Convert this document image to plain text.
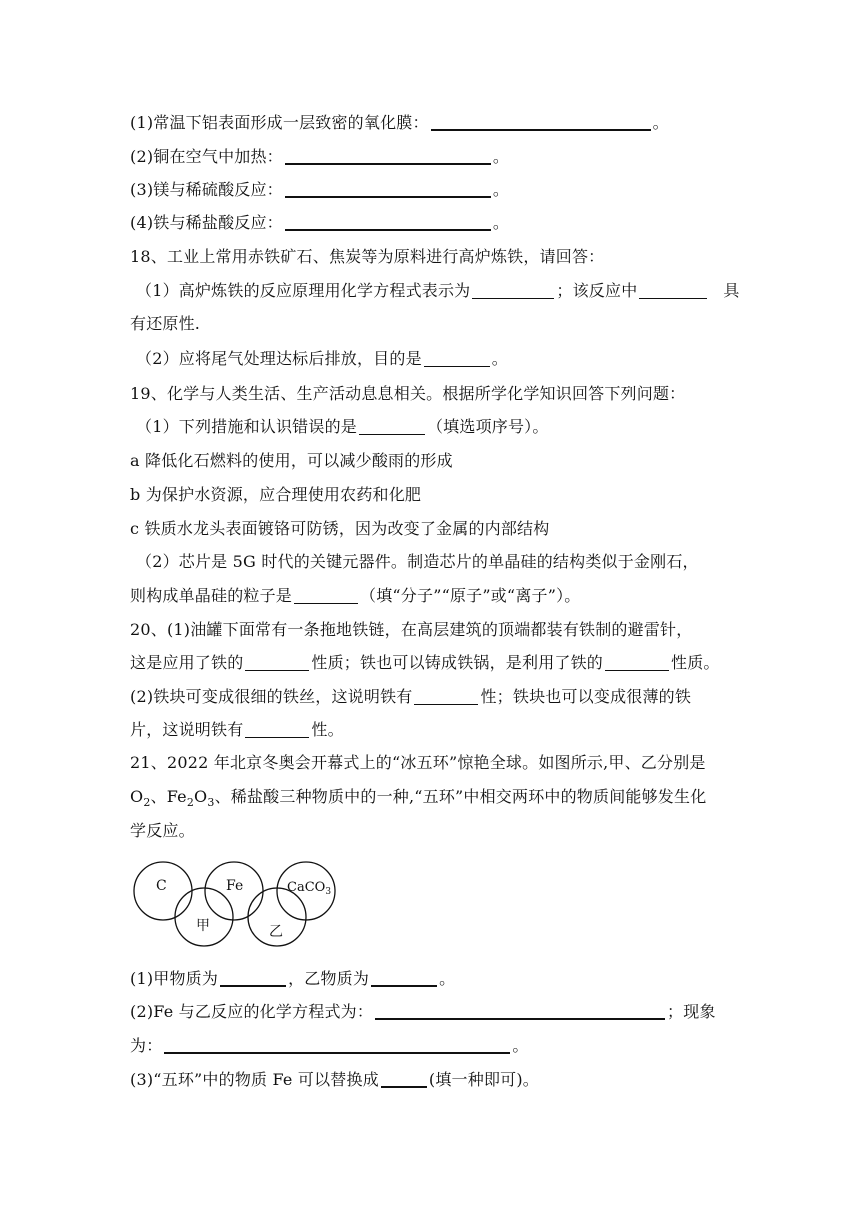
(1)常温下铝表面形成一层致密的氧化膜：	。
(2)铜在空气中加热：	。
(3)镁与稀硫酸反应：	。
(4)铁与稀盐酸反应：	。
18、工业上常用赤铁矿石、焦炭等为原料进行高炉炼铁，请回答：
（1）高炉炼铁的反应原理用化学方程式表示为	；该反应中	具
有还原性.
（2）应将尾气处理达标后排放，目的是	。
19、化学与人类生活、生产活动息息相关。根据所学化学知识回答下列问题：
（1）下列措施和认识错误的是	（填选项序号）。
a 降低化石燃料的使用，可以减少酸雨的形成
b 为保护水资源，应合理使用农药和化肥
c 铁质水龙头表面镀铬可防锈，因为改变了金属的内部结构
（2）芯片是 5G 时代的关键元器件。制造芯片的单晶硅的结构类似于金刚石，
则构成单晶硅的粒子是	（填“分子”“原子”或“离子”）。
20、(1)油罐下面常有一条拖地铁链，在高层建筑的顶端都装有铁制的避雷针，
这是应用了铁的	性质；铁也可以铸成铁锅，是利用了铁的	性质。
(2)铁块可变成很细的铁丝，这说明铁有	性；铁块也可以变成很薄的铁
片，这说明铁有	性。
21、2022 年北京冬奥会开幕式上的“冰五环”惊艳全球。如图所示,甲、乙分别是
$O_2$、$Fe_2O_3$、稀盐酸三种物质中的一种,“五环”中相交两环中的物质间能够发生化
学反应。
C	Fe	CaCO$_3$
甲	乙
(1)甲物质为	，乙物质为	。
(2)Fe 与乙反应的化学方程式为：	；现象
为：	。
(3)“五环”中的物质 Fe 可以替换成	(填一种即可)。
